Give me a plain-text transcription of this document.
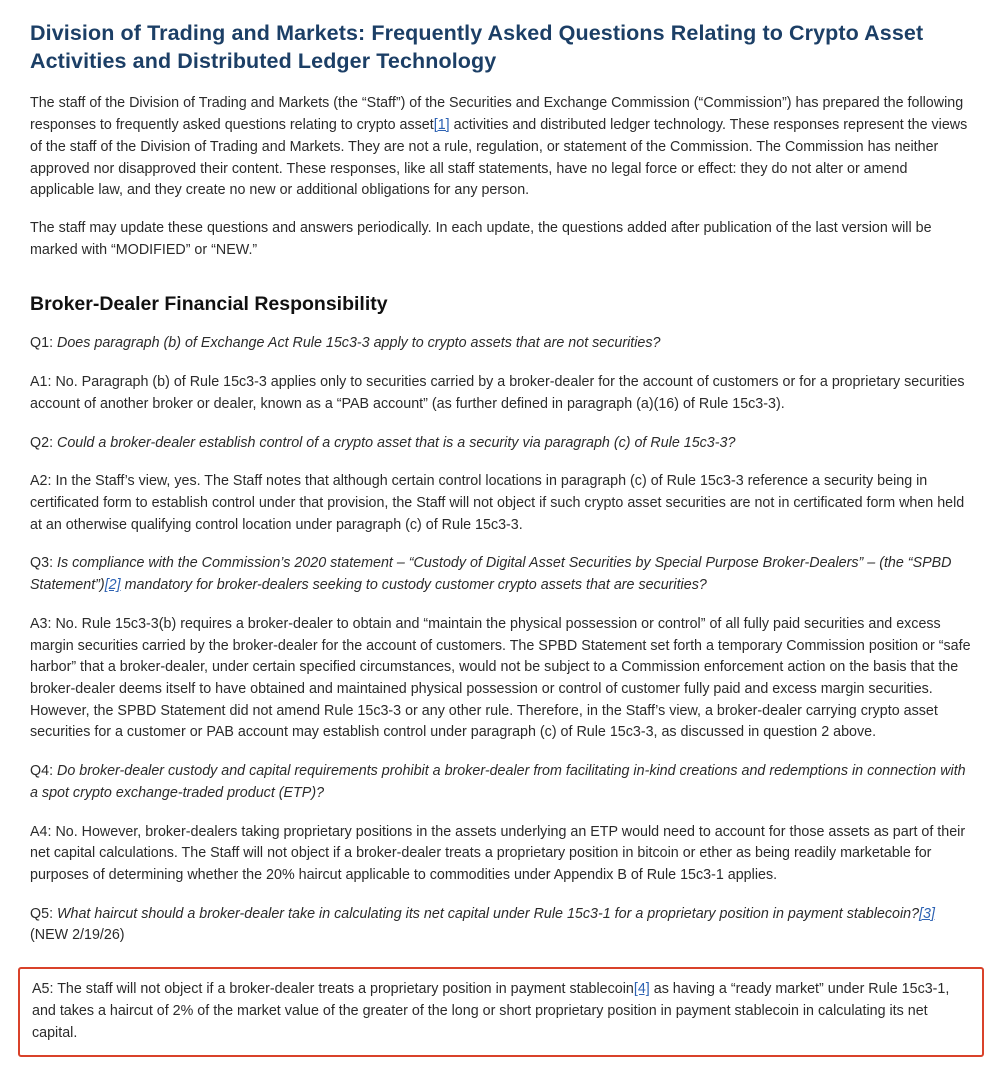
Division of Trading and Markets: Frequently Asked Questions Relating to Crypto Asset Activities and Distributed Ledger Technology

The staff of the Division of Trading and Markets (the “Staff”) of the Securities and Exchange Commission (“Commission”) has prepared the following responses to frequently asked questions relating to crypto asset[1] activities and distributed ledger technology. These responses represent the views of the staff of the Division of Trading and Markets. They are not a rule, regulation, or statement of the Commission. The Commission has neither approved nor disapproved their content. These responses, like all staff statements, have no legal force or effect: they do not alter or amend applicable law, and they create no new or additional obligations for any person.

The staff may update these questions and answers periodically. In each update, the questions added after publication of the last version will be marked with “MODIFIED” or “NEW.”

Broker-Dealer Financial Responsibility

Q1: Does paragraph (b) of Exchange Act Rule 15c3-3 apply to crypto assets that are not securities?

A1: No. Paragraph (b) of Rule 15c3-3 applies only to securities carried by a broker-dealer for the account of customers or for a proprietary securities account of another broker or dealer, known as a “PAB account” (as further defined in paragraph (a)(16) of Rule 15c3-3).

Q2: Could a broker-dealer establish control of a crypto asset that is a security via paragraph (c) of Rule 15c3-3?

A2: In the Staff’s view, yes. The Staff notes that although certain control locations in paragraph (c) of Rule 15c3-3 reference a security being in certificated form to establish control under that provision, the Staff will not object if such crypto asset securities are not in certificated form when held at an otherwise qualifying control location under paragraph (c) of Rule 15c3-3.

Q3: Is compliance with the Commission’s 2020 statement – “Custody of Digital Asset Securities by Special Purpose Broker-Dealers” – (the “SPBD Statement”)[2] mandatory for broker-dealers seeking to custody customer crypto assets that are securities?

A3: No. Rule 15c3-3(b) requires a broker-dealer to obtain and “maintain the physical possession or control” of all fully paid securities and excess margin securities carried by the broker-dealer for the account of customers. The SPBD Statement set forth a temporary Commission position or “safe harbor” that a broker-dealer, under certain specified circumstances, would not be subject to a Commission enforcement action on the basis that the broker-dealer deems itself to have obtained and maintained physical possession or control of customer fully paid and excess margin securities. However, the SPBD Statement did not amend Rule 15c3-3 or any other rule. Therefore, in the Staff’s view, a broker-dealer carrying crypto asset securities for a customer or PAB account may establish control under paragraph (c) of Rule 15c3-3, as discussed in question 2 above.

Q4: Do broker-dealer custody and capital requirements prohibit a broker-dealer from facilitating in-kind creations and redemptions in connection with a spot crypto exchange-traded product (ETP)?

A4: No. However, broker-dealers taking proprietary positions in the assets underlying an ETP would need to account for those assets as part of their net capital calculations. The Staff will not object if a broker-dealer treats a proprietary position in bitcoin or ether as being readily marketable for purposes of determining whether the 20% haircut applicable to commodities under Appendix B of Rule 15c3-1 applies.

Q5: What haircut should a broker-dealer take in calculating its net capital under Rule 15c3-1 for a proprietary position in payment stablecoin?[3]
(NEW 2/19/26)

A5: The staff will not object if a broker-dealer treats a proprietary position in payment stablecoin[4] as having a “ready market” under Rule 15c3-1, and takes a haircut of 2% of the market value of the greater of the long or short proprietary position in payment stablecoin in calculating its net capital.
